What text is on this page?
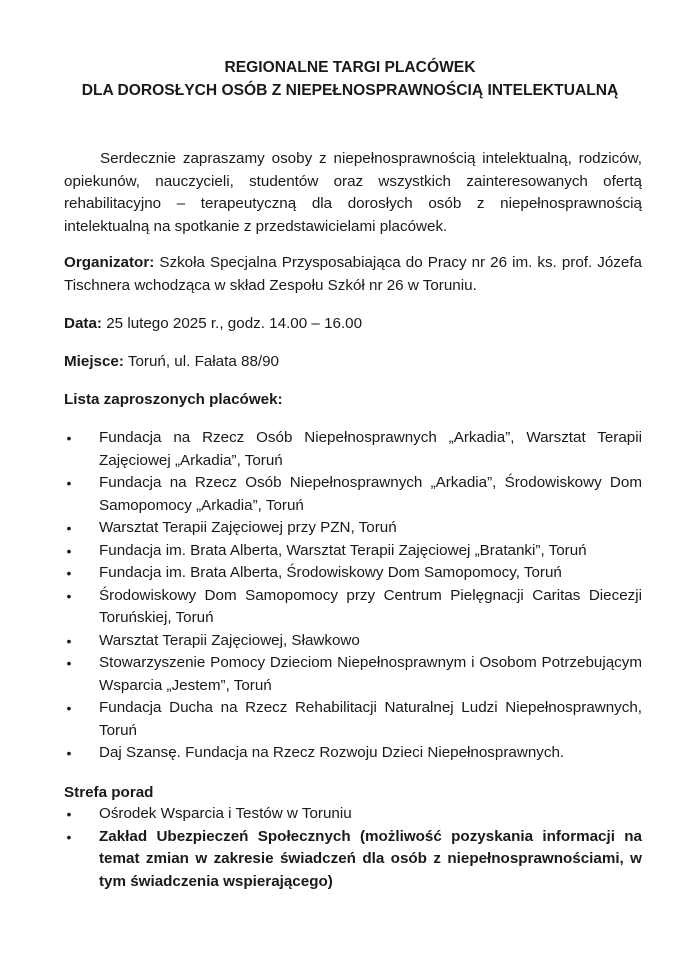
REGIONALNE TARGI PLACÓWEK
DLA DOROSŁYCH OSÓB Z NIEPEŁNOSPRAWNOŚCIĄ INTELEKTUALNĄ
Serdecznie zapraszamy osoby z niepełnosprawnością intelektualną, rodziców, opiekunów, nauczycieli, studentów oraz wszystkich zainteresowanych ofertą rehabilitacyjno – terapeutyczną dla dorosłych osób z niepełnosprawnością intelektualną na spotkanie z przedstawicielami placówek.
Organizator: Szkoła Specjalna Przysposabiająca do Pracy nr 26 im. ks. prof. Józefa Tischnera wchodząca w skład Zespołu Szkół nr 26 w Toruniu.
Data: 25 lutego 2025 r., godz. 14.00 – 16.00
Miejsce: Toruń, ul. Fałata 88/90
Lista zaproszonych placówek:
• Fundacja na Rzecz Osób Niepełnosprawnych „Arkadia”, Warsztat Terapii Zajęciowej „Arkadia”, Toruń
• Fundacja na Rzecz Osób Niepełnosprawnych „Arkadia”, Środowiskowy Dom Samopomocy „Arkadia”, Toruń
• Warsztat Terapii Zajęciowej przy PZN, Toruń
• Fundacja im. Brata Alberta, Warsztat Terapii Zajęciowej „Bratanki”, Toruń
• Fundacja im. Brata Alberta, Środowiskowy Dom Samopomocy, Toruń
• Środowiskowy Dom Samopomocy przy Centrum Pielęgnacji Caritas Diecezji Toruńskiej, Toruń
• Warsztat Terapii Zajęciowej, Sławkowo
• Stowarzyszenie Pomocy Dzieciom Niepełnosprawnym i Osobom Potrzebującym Wsparcia „Jestem”, Toruń
• Fundacja Ducha na Rzecz Rehabilitacji Naturalnej Ludzi Niepełnosprawnych, Toruń
• Daj Szansę. Fundacja na Rzecz Rozwoju Dzieci Niepełnosprawnych.
Strefa porad
• Ośrodek Wsparcia i Testów w Toruniu
• Zakład Ubezpieczeń Społecznych (możliwość pozyskania informacji na temat zmian w zakresie świadczeń dla osób z niepełnosprawnościami, w tym świadczenia wspierającego)
